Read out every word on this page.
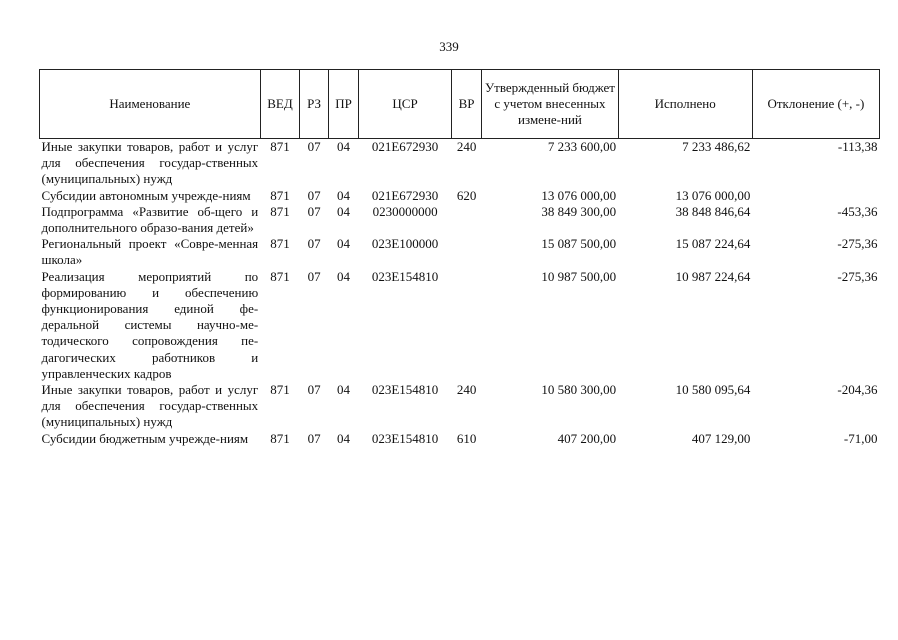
339
Наименование	ВЕД	РЗ	ПР	ЦСР	ВР	Утвержденный бюджет с учетом внесенных измене-ний	Исполнено	Отклонение (+, -)
Иные закупки товаров, работ и услуг для обеспечения государ-ственных (муниципальных) нужд	871	07	04	021Е672930	240	7 233 600,00	7 233 486,62	-113,38
Субсидии автономным учрежде-ниям	871	07	04	021Е672930	620	13 076 000,00	13 076 000,00	
Подпрограмма «Развитие об-щего и дополнительного образо-вания детей»	871	07	04	0230000000		38 849 300,00	38 848 846,64	-453,36
Региональный проект «Совре-менная школа»	871	07	04	023Е100000		15 087 500,00	15 087 224,64	-275,36
Реализация мероприятий по формированию и обеспечению функционирования единой фе-деральной системы научно-ме-тодического сопровождения пе-дагогических работников и управленческих кадров	871	07	04	023Е154810		10 987 500,00	10 987 224,64	-275,36
Иные закупки товаров, работ и услуг для обеспечения государ-ственных (муниципальных) нужд	871	07	04	023Е154810	240	10 580 300,00	10 580 095,64	-204,36
Субсидии бюджетным учрежде-ниям	871	07	04	023Е154810	610	407 200,00	407 129,00	-71,00
